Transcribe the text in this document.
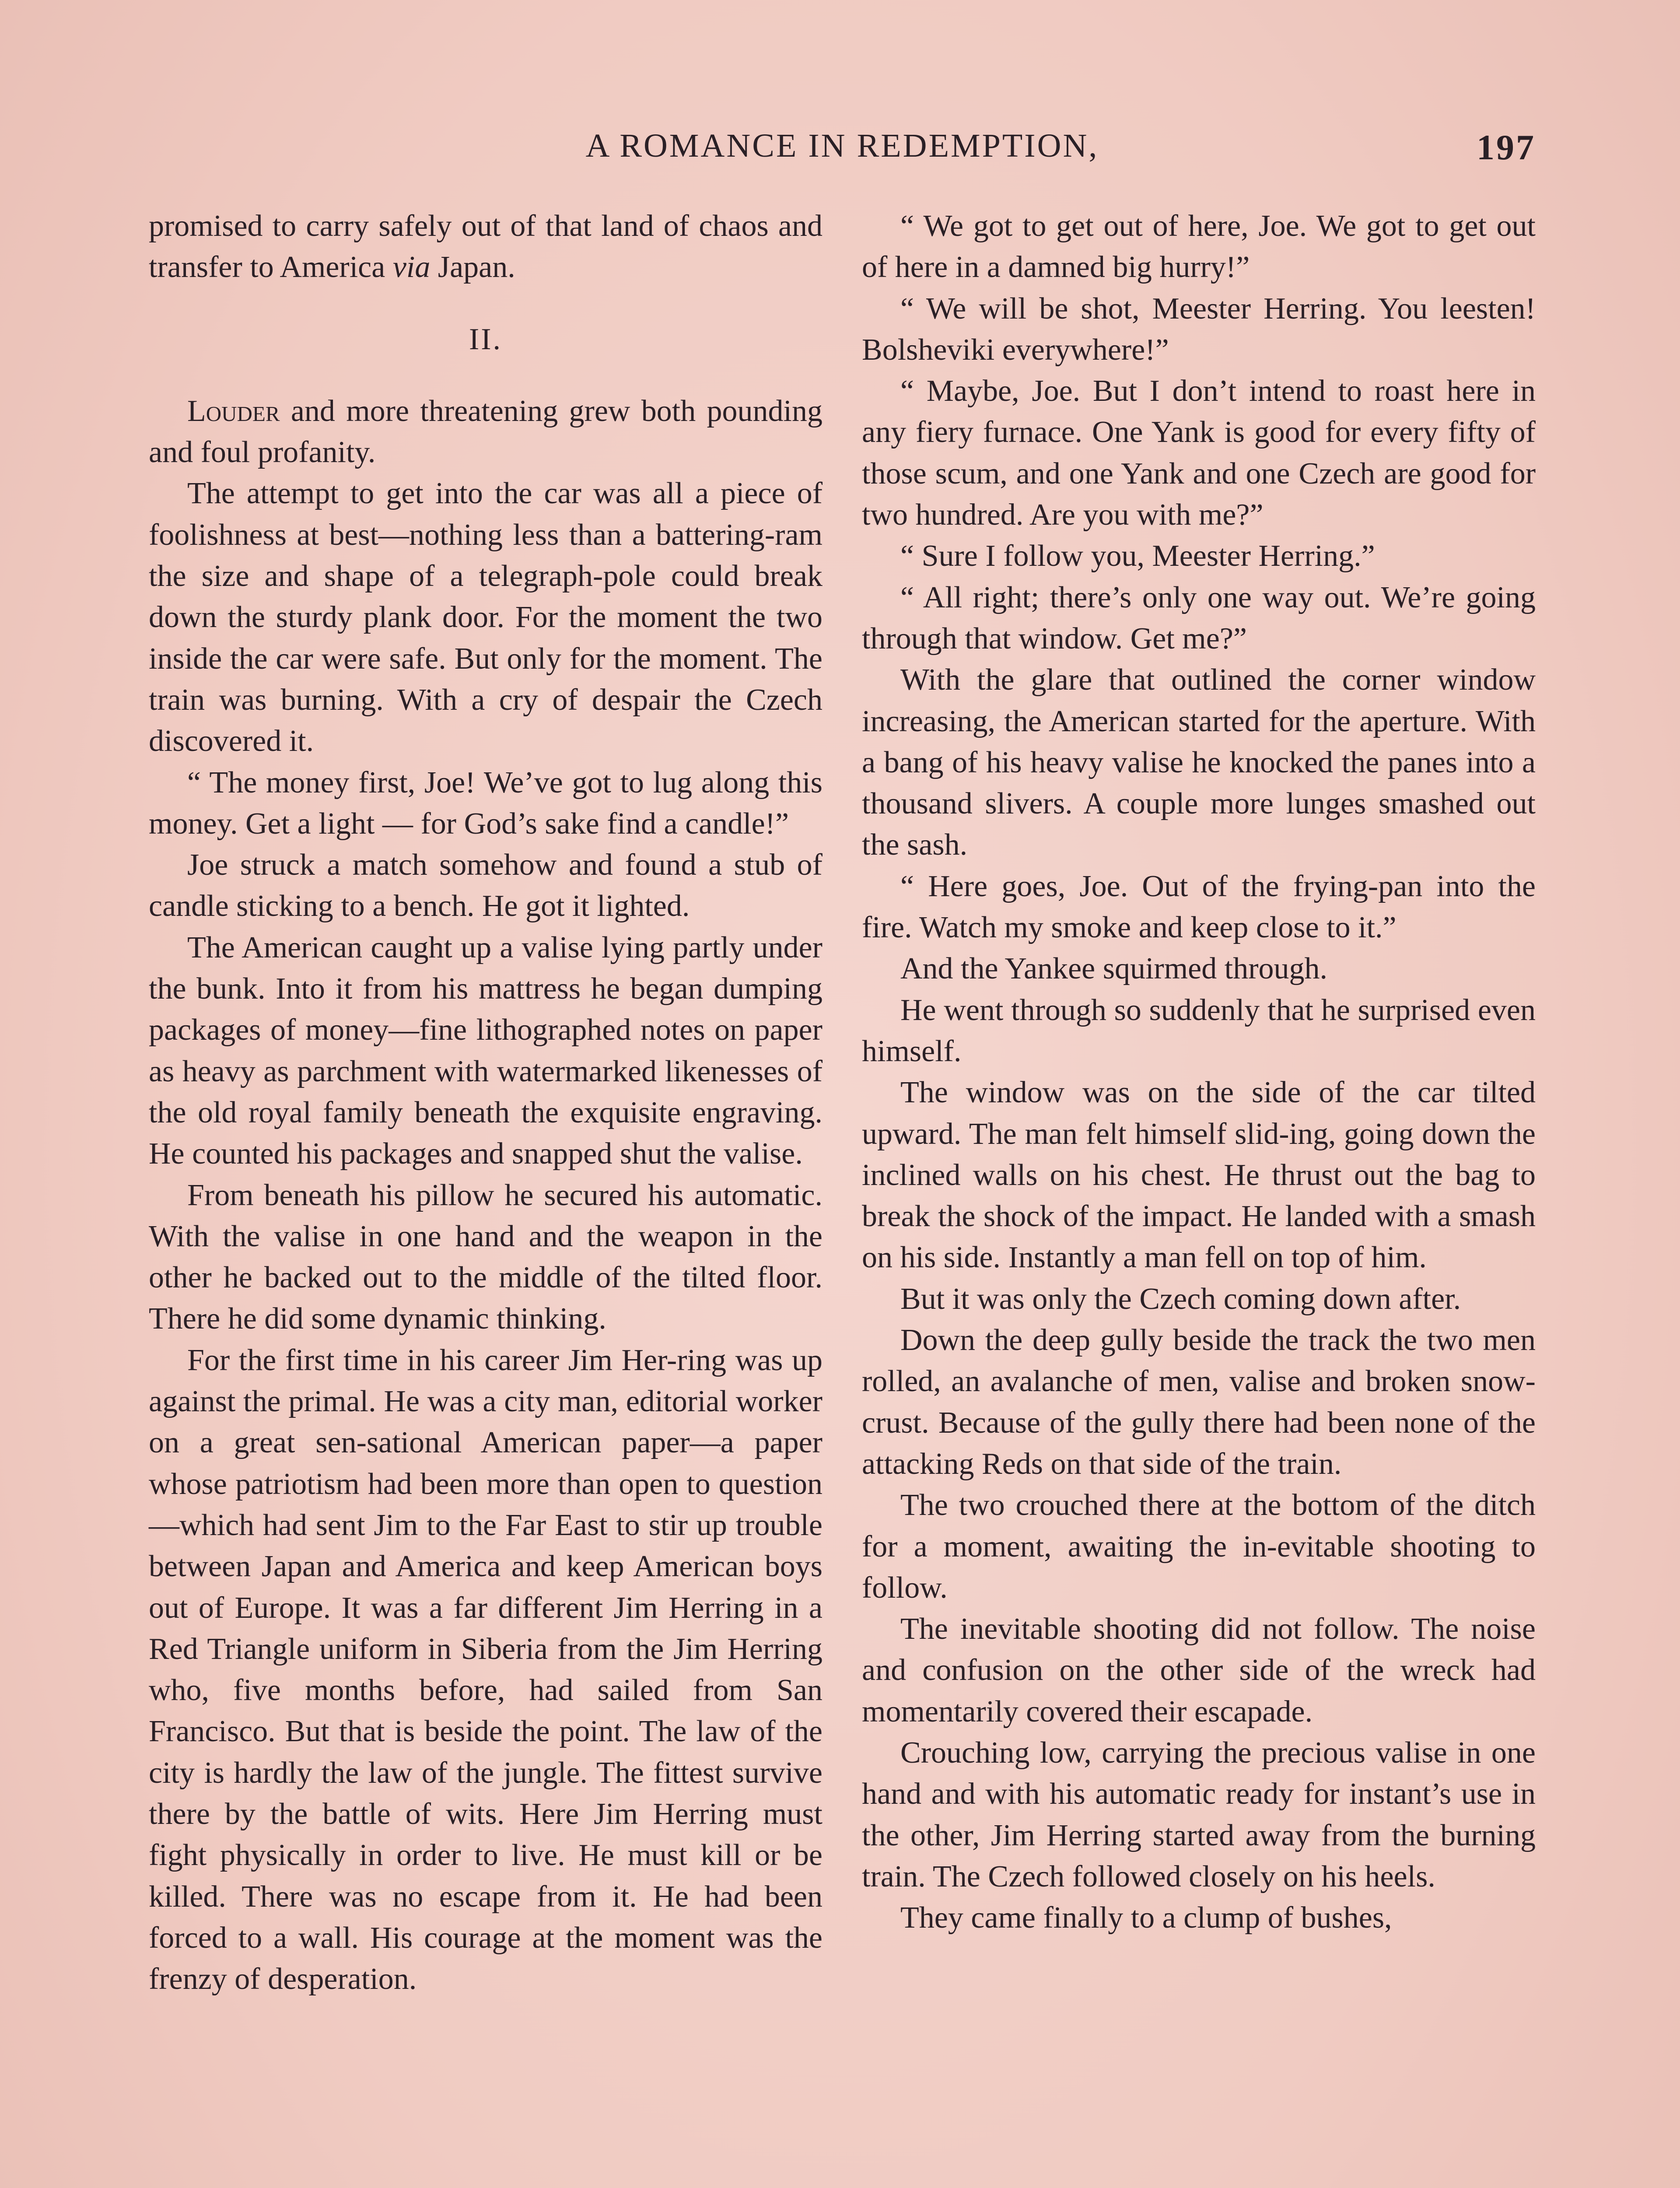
A ROMANCE IN REDEMPTION,	197

promised to carry safely out of that land of chaos and transfer to America via Japan.

II.

Louder and more threatening grew both pounding and foul profanity.

The attempt to get into the car was all a piece of foolishness at best—nothing less than a battering-ram the size and shape of a telegraph-pole could break down the sturdy plank door. For the moment the two inside the car were safe. But only for the moment. The train was burning. With a cry of despair the Czech discovered it.

“ The money first, Joe! We’ve got to lug along this money. Get a light — for God’s sake find a candle!”

Joe struck a match somehow and found a stub of candle sticking to a bench. He got it lighted.

The American caught up a valise lying partly under the bunk. Into it from his mattress he began dumping packages of money—fine lithographed notes on paper as heavy as parchment with watermarked likenesses of the old royal family beneath the exquisite engraving. He counted his packages and snapped shut the valise.

From beneath his pillow he secured his automatic. With the valise in one hand and the weapon in the other he backed out to the middle of the tilted floor. There he did some dynamic thinking.

For the first time in his career Jim Her-ring was up against the primal. He was a city man, editorial worker on a great sen-sational American paper—a paper whose patriotism had been more than open to question—which had sent Jim to the Far East to stir up trouble between Japan and America and keep American boys out of Europe. It was a far different Jim Herring in a Red Triangle uniform in Siberia from the Jim Herring who, five months before, had sailed from San Francisco. But that is beside the point. The law of the city is hardly the law of the jungle. The fittest survive there by the battle of wits. Here Jim Herring must fight physically in order to live. He must kill or be killed. There was no escape from it. He had been forced to a wall. His courage at the moment was the frenzy of desperation.

“ We got to get out of here, Joe. We got to get out of here in a damned big hurry!”

“ We will be shot, Meester Herring. You leesten! Bolsheviki everywhere!”

“ Maybe, Joe. But I don’t intend to roast here in any fiery furnace. One Yank is good for every fifty of those scum, and one Yank and one Czech are good for two hundred. Are you with me?”

“ Sure I follow you, Meester Herring.”

“ All right; there’s only one way out. We’re going through that window. Get me?”

With the glare that outlined the corner window increasing, the American started for the aperture. With a bang of his heavy valise he knocked the panes into a thousand slivers. A couple more lunges smashed out the sash.

“ Here goes, Joe. Out of the frying-pan into the fire. Watch my smoke and keep close to it.”

And the Yankee squirmed through.

He went through so suddenly that he surprised even himself.

The window was on the side of the car tilted upward. The man felt himself slid-ing, going down the inclined walls on his chest. He thrust out the bag to break the shock of the impact. He landed with a smash on his side. Instantly a man fell on top of him.

But it was only the Czech coming down after.

Down the deep gully beside the track the two men rolled, an avalanche of men, valise and broken snow-crust. Because of the gully there had been none of the attacking Reds on that side of the train.

The two crouched there at the bottom of the ditch for a moment, awaiting the in-evitable shooting to follow.

The inevitable shooting did not follow. The noise and confusion on the other side of the wreck had momentarily covered their escapade.

Crouching low, carrying the precious valise in one hand and with his automatic ready for instant’s use in the other, Jim Herring started away from the burning train. The Czech followed closely on his heels.

They came finally to a clump of bushes,
